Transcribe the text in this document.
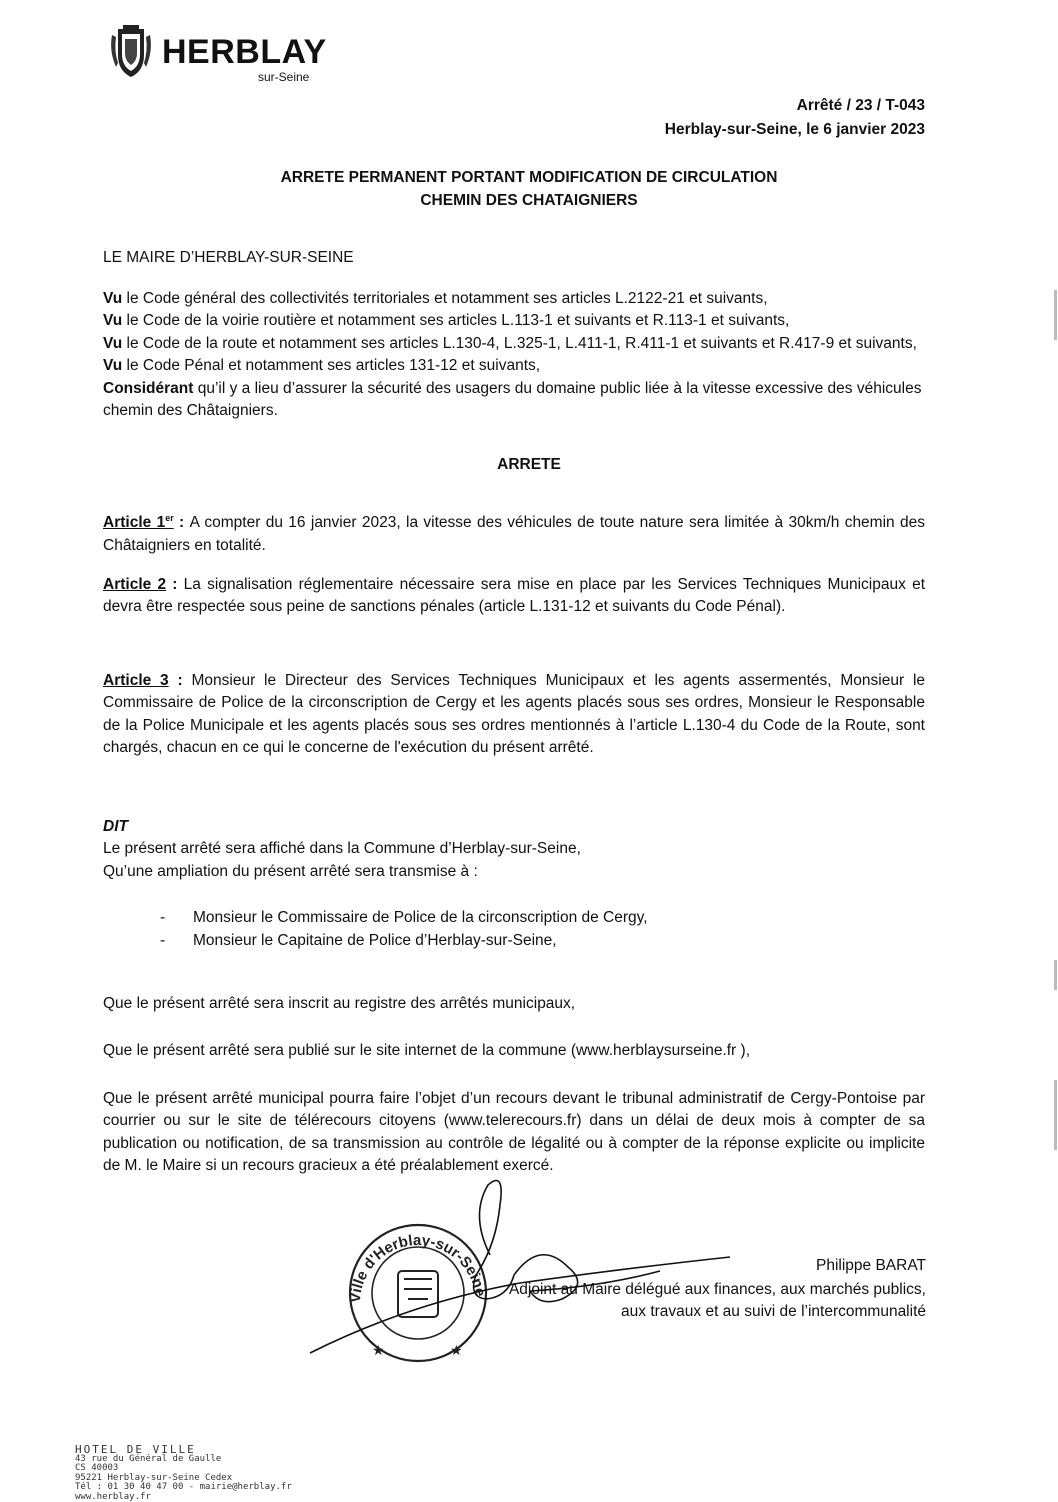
HERBLAY
sur-Seine
Arrêté / 23 / T-043
Herblay-sur-Seine, le 6 janvier 2023
ARRETE PERMANENT PORTANT MODIFICATION DE CIRCULATION
CHEMIN DES CHATAIGNIERS
LE MAIRE D’HERBLAY-SUR-SEINE
Vu le Code général des collectivités territoriales et notamment ses articles L.2122-21 et suivants,
Vu le Code de la voirie routière et notamment ses articles L.113-1 et suivants et R.113-1 et suivants,
Vu le Code de la route et notamment ses articles L.130-4, L.325-1, L.411-1, R.411-1 et suivants et R.417-9 et suivants,
Vu le Code Pénal et notamment ses articles 131-12 et suivants,
Considérant qu’il y a lieu d’assurer la sécurité des usagers du domaine public liée à la vitesse excessive des véhicules chemin des Châtaigniers.
ARRETE
Article 1er : A compter du 16 janvier 2023, la vitesse des véhicules de toute nature sera limitée à 30km/h chemin des Châtaigniers en totalité.
Article 2 : La signalisation réglementaire nécessaire sera mise en place par les Services Techniques Municipaux et devra être respectée sous peine de sanctions pénales (article L.131-12 et suivants du Code Pénal).
Article 3 : Monsieur le Directeur des Services Techniques Municipaux et les agents assermentés, Monsieur le Commissaire de Police de la circonscription de Cergy et les agents placés sous ses ordres, Monsieur le Responsable de la Police Municipale et les agents placés sous ses ordres mentionnés à l’article L.130-4 du Code de la Route, sont chargés, chacun en ce qui le concerne de l'exécution du présent arrêté.
DIT
Le présent arrêté sera affiché dans la Commune d’Herblay-sur-Seine,
Qu’une ampliation du présent arrêté sera transmise à :
- Monsieur le Commissaire de Police de la circonscription de Cergy,
- Monsieur le Capitaine de Police d’Herblay-sur-Seine,
Que le présent arrêté sera inscrit au registre des arrêtés municipaux,
Que le présent arrêté sera publié sur le site internet de la commune (www.herblaysurseine.fr ),
Que le présent arrêté municipal pourra faire l’objet d’un recours devant le tribunal administratif de Cergy-Pontoise par courrier ou sur le site de télérecours citoyens (www.telerecours.fr) dans un délai de deux mois à compter de sa publication ou notification, de sa transmission au contrôle de légalité ou à compter de la réponse explicite ou implicite de M. le Maire si un recours gracieux a été préalablement exercé.
Ville d'Herblay-sur-Seine
★	★
Philippe BARAT
Adjoint au Maire délégué aux finances, aux marchés publics,
aux travaux et au suivi de l’intercommunalité
HOTEL DE VILLE
43 rue du Général de Gaulle
CS 40003
95221 Herblay-sur-Seine Cedex
Tél : 01 30 40 47 00 - mairie@herblay.fr
www.herblay.fr
